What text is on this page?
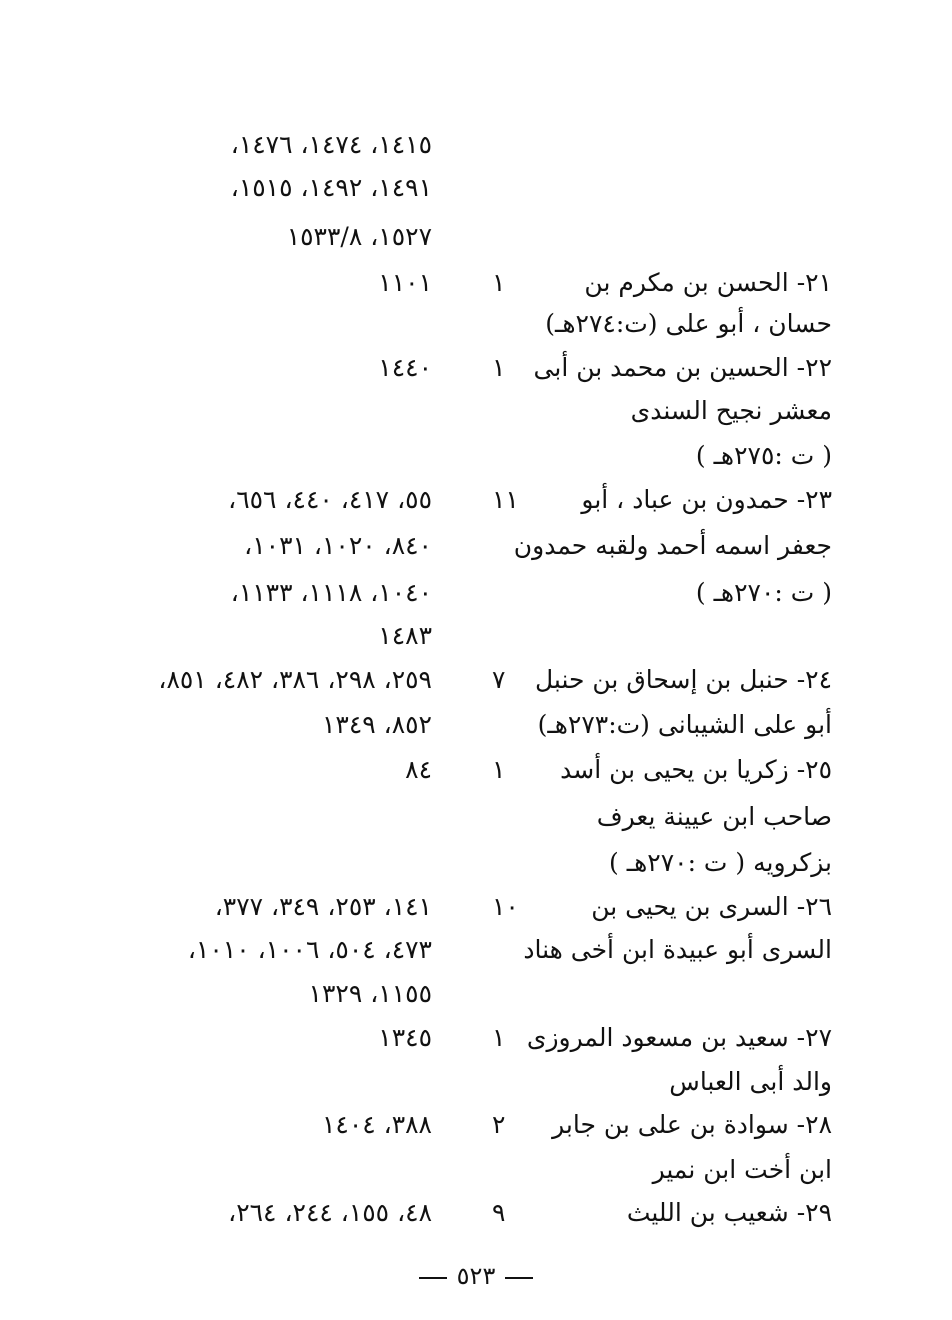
١٤١٥، ١٤٧٤، ١٤٧٦،
١٤٩١، ١٤٩٢، ١٥١٥،
١٥٢٧، ١٥٣٣/٨
٢١- الحسن بن مكرم بن
١
١١٠١
حسان ، أبو على (ت:٢٧٤هـ)
٢٢- الحسين بن محمد بن أبى
١
١٤٤٠
معشر نجيح السندى
( ت :٢٧٥هـ )
٢٣- حمدون بن عباد ، أبو
١١
٥٥، ٤١٧، ٤٤٠، ٦٥٦،
جعفر اسمه أحمد ولقبه حمدون
٨٤٠، ١٠٢٠، ١٠٣١،
( ت :٢٧٠هـ )
١٠٤٠، ١١١٨، ١١٣٣،
١٤٨٣
٢٤- حنبل بن إسحاق بن حنبل
٧
٢٥٩، ٢٩٨، ٣٨٦، ٤٨٢، ٨٥١،
أبو على الشيبانى (ت:٢٧٣هـ)
٨٥٢، ١٣٤٩
٢٥- زكريا بن يحيى بن أسد
١
٨٤
صاحب ابن عيينة يعرف
بزكرويه ( ت :٢٧٠هـ )
٢٦- السرى بن يحيى بن
١٠
١٤١، ٢٥٣، ٣٤٩، ٣٧٧،
السرى أبو عبيدة ابن أخى هناد
٤٧٣، ٥٠٤، ١٠٠٦، ١٠١٠،
١١٥٥، ١٣٢٩
٢٧- سعيد بن مسعود المروزى
١
١٣٤٥
والد أبى العباس
٢٨- سوادة بن على بن جابر
٢
٣٨٨، ١٤٠٤
ابن أخت ابن نمير
٢٩- شعيب بن الليث
٩
٤٨، ١٥٥، ٢٤٤، ٢٦٤،
٥٢٣
